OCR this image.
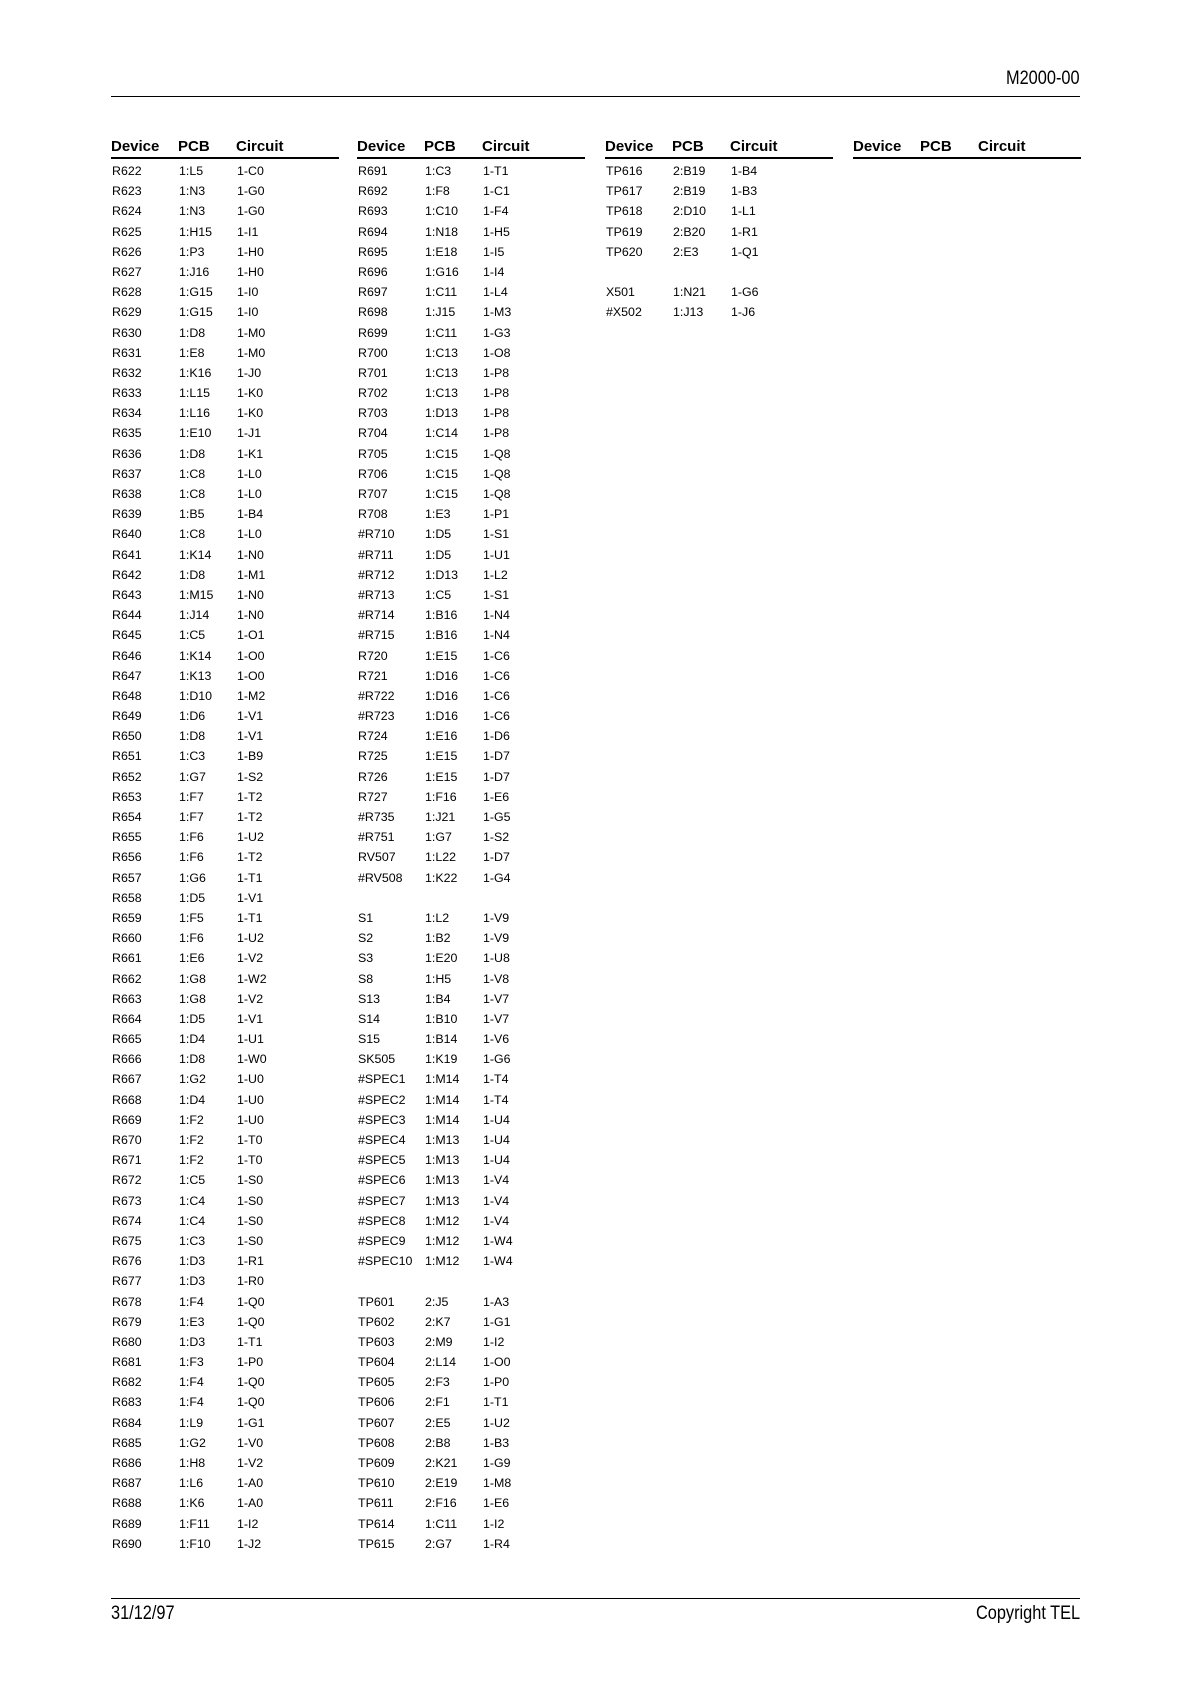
M2000-00
Device	PCB	Circuit
R622	1:L5	1-C0
R623	1:N3	1-G0
R624	1:N3	1-G0
R625	1:H15	1-I1
R626	1:P3	1-H0
R627	1:J16	1-H0
R628	1:G15	1-I0
R629	1:G15	1-I0
R630	1:D8	1-M0
R631	1:E8	1-M0
R632	1:K16	1-J0
R633	1:L15	1-K0
R634	1:L16	1-K0
R635	1:E10	1-J1
R636	1:D8	1-K1
R637	1:C8	1-L0
R638	1:C8	1-L0
R639	1:B5	1-B4
R640	1:C8	1-L0
R641	1:K14	1-N0
R642	1:D8	1-M1
R643	1:M15	1-N0
R644	1:J14	1-N0
R645	1:C5	1-O1
R646	1:K14	1-O0
R647	1:K13	1-O0
R648	1:D10	1-M2
R649	1:D6	1-V1
R650	1:D8	1-V1
R651	1:C3	1-B9
R652	1:G7	1-S2
R653	1:F7	1-T2
R654	1:F7	1-T2
R655	1:F6	1-U2
R656	1:F6	1-T2
R657	1:G6	1-T1
R658	1:D5	1-V1
R659	1:F5	1-T1
R660	1:F6	1-U2
R661	1:E6	1-V2
R662	1:G8	1-W2
R663	1:G8	1-V2
R664	1:D5	1-V1
R665	1:D4	1-U1
R666	1:D8	1-W0
R667	1:G2	1-U0
R668	1:D4	1-U0
R669	1:F2	1-U0
R670	1:F2	1-T0
R671	1:F2	1-T0
R672	1:C5	1-S0
R673	1:C4	1-S0
R674	1:C4	1-S0
R675	1:C3	1-S0
R676	1:D3	1-R1
R677	1:D3	1-R0
R678	1:F4	1-Q0
R679	1:E3	1-Q0
R680	1:D3	1-T1
R681	1:F3	1-P0
R682	1:F4	1-Q0
R683	1:F4	1-Q0
R684	1:L9	1-G1
R685	1:G2	1-V0
R686	1:H8	1-V2
R687	1:L6	1-A0
R688	1:K6	1-A0
R689	1:F11	1-I2
R690	1:F10	1-J2
Device	PCB	Circuit
R691	1:C3	1-T1
R692	1:F8	1-C1
R693	1:C10	1-F4
R694	1:N18	1-H5
R695	1:E18	1-I5
R696	1:G16	1-I4
R697	1:C11	1-L4
R698	1:J15	1-M3
R699	1:C11	1-G3
R700	1:C13	1-O8
R701	1:C13	1-P8
R702	1:C13	1-P8
R703	1:D13	1-P8
R704	1:C14	1-P8
R705	1:C15	1-Q8
R706	1:C15	1-Q8
R707	1:C15	1-Q8
R708	1:E3	1-P1
#R710	1:D5	1-S1
#R711	1:D5	1-U1
#R712	1:D13	1-L2
#R713	1:C5	1-S1
#R714	1:B16	1-N4
#R715	1:B16	1-N4
R720	1:E15	1-C6
R721	1:D16	1-C6
#R722	1:D16	1-C6
#R723	1:D16	1-C6
R724	1:E16	1-D6
R725	1:E15	1-D7
R726	1:E15	1-D7
R727	1:F16	1-E6
#R735	1:J21	1-G5
#R751	1:G7	1-S2
RV507	1:L22	1-D7
#RV508	1:K22	1-G4
S1	1:L2	1-V9
S2	1:B2	1-V9
S3	1:E20	1-U8
S8	1:H5	1-V8
S13	1:B4	1-V7
S14	1:B10	1-V7
S15	1:B14	1-V6
SK505	1:K19	1-G6
#SPEC1	1:M14	1-T4
#SPEC2	1:M14	1-T4
#SPEC3	1:M14	1-U4
#SPEC4	1:M13	1-U4
#SPEC5	1:M13	1-U4
#SPEC6	1:M13	1-V4
#SPEC7	1:M13	1-V4
#SPEC8	1:M12	1-V4
#SPEC9	1:M12	1-W4
#SPEC10	1:M12	1-W4
TP601	2:J5	1-A3
TP602	2:K7	1-G1
TP603	2:M9	1-I2
TP604	2:L14	1-O0
TP605	2:F3	1-P0
TP606	2:F1	1-T1
TP607	2:E5	1-U2
TP608	2:B8	1-B3
TP609	2:K21	1-G9
TP610	2:E19	1-M8
TP611	2:F16	1-E6
TP614	1:C11	1-I2
TP615	2:G7	1-R4
Device	PCB	Circuit
TP616	2:B19	1-B4
TP617	2:B19	1-B3
TP618	2:D10	1-L1
TP619	2:B20	1-R1
TP620	2:E3	1-Q1
X501	1:N21	1-G6
#X502	1:J13	1-J6
Device	PCB	Circuit
31/12/97	Copyright TEL
